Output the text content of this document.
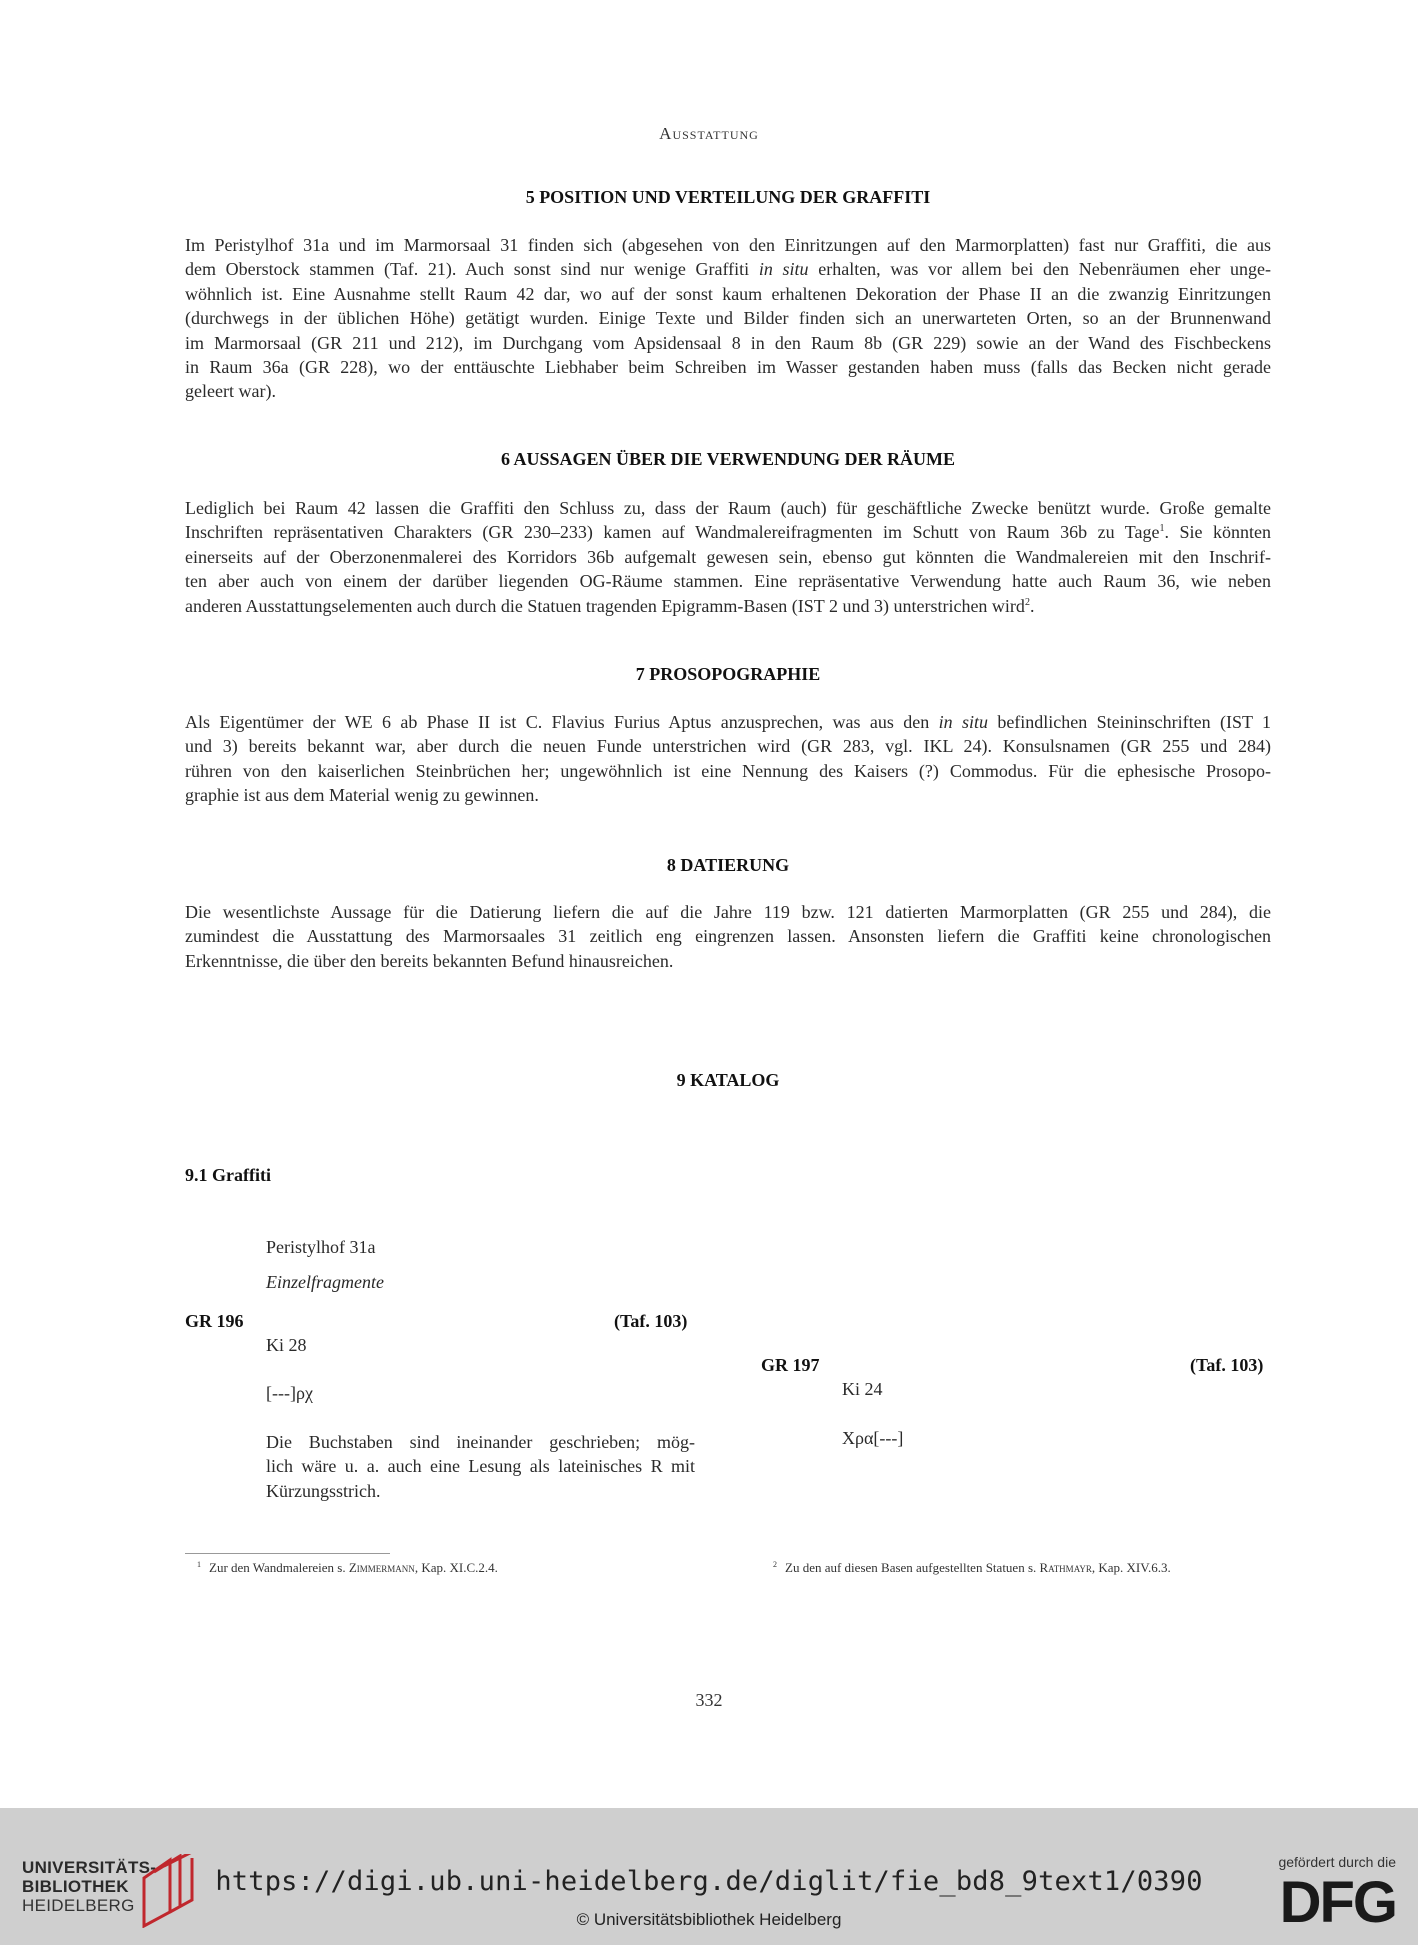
Ausstattung
5 POSITION UND VERTEILUNG DER GRAFFITI
Im Peristylhof 31a und im Marmorsaal 31 finden sich (abgesehen von den Einritzungen auf den Marmorplatten) fast nur Graffiti, die aus
dem Oberstock stammen (Taf. 21). Auch sonst sind nur wenige Graffiti in situ erhalten, was vor allem bei den Nebenräumen eher unge-
wöhnlich ist. Eine Ausnahme stellt Raum 42 dar, wo auf der sonst kaum erhaltenen Dekoration der Phase II an die zwanzig Einritzungen
(durchwegs in der üblichen Höhe) getätigt wurden. Einige Texte und Bilder finden sich an unerwarteten Orten, so an der Brunnenwand
im Marmorsaal (GR 211 und 212), im Durchgang vom Apsidensaal 8 in den Raum 8b (GR 229) sowie an der Wand des Fischbeckens
in Raum 36a (GR 228), wo der enttäuschte Liebhaber beim Schreiben im Wasser gestanden haben muss (falls das Becken nicht gerade
geleert war).
6 AUSSAGEN ÜBER DIE VERWENDUNG DER RÄUME
Lediglich bei Raum 42 lassen die Graffiti den Schluss zu, dass der Raum (auch) für geschäftliche Zwecke benützt wurde. Große gemalte
Inschriften repräsentativen Charakters (GR 230–233) kamen auf Wandmalereifragmenten im Schutt von Raum 36b zu Tage$^1$. Sie könnten
einerseits auf der Oberzonenmalerei des Korridors 36b aufgemalt gewesen sein, ebenso gut könnten die Wandmalereien mit den Inschrif-
ten aber auch von einem der darüber liegenden OG-Räume stammen. Eine repräsentative Verwendung hatte auch Raum 36, wie neben
anderen Ausstattungselementen auch durch die Statuen tragenden Epigramm-Basen (IST 2 und 3) unterstrichen wird$^2$.
7 PROSOPOGRAPHIE
Als Eigentümer der WE 6 ab Phase II ist C. Flavius Furius Aptus anzusprechen, was aus den in situ befindlichen Steininschriften (IST 1
und 3) bereits bekannt war, aber durch die neuen Funde unterstrichen wird (GR 283, vgl. IKL 24). Konsulsnamen (GR 255 und 284)
rühren von den kaiserlichen Steinbrüchen her; ungewöhnlich ist eine Nennung des Kaisers (?) Commodus. Für die ephesische Prosopo-
graphie ist aus dem Material wenig zu gewinnen.
8 DATIERUNG
Die wesentlichste Aussage für die Datierung liefern die auf die Jahre 119 bzw. 121 datierten Marmorplatten (GR 255 und 284), die
zumindest die Ausstattung des Marmorsaales 31 zeitlich eng eingrenzen lassen. Ansonsten liefern die Graffiti keine chronologischen
Erkenntnisse, die über den bereits bekannten Befund hinausreichen.
9 KATALOG
9.1 Graffiti
Peristylhof 31a
Einzelfragmente
GR 196	(Taf. 103)
Ki 28
[---]ρχ
Die Buchstaben sind ineinander geschrieben; mög-
lich wäre u. a. auch eine Lesung als lateinisches R mit
Kürzungsstrich.
GR 197	(Taf. 103)
Ki 24
Χρα[---]
$^1$ Zur den Wandmalereien s. Zimmermann, Kap. XI.C.2.4.	$^2$ Zu den auf diesen Basen aufgestellten Statuen s. Rathmayr, Kap. XIV.6.3.
332
UNIVERSITÄTS-
BIBLIOTHEK
HEIDELBERG
https://digi.ub.uni-heidelberg.de/diglit/fie_bd8_9text1/0390
© Universitätsbibliothek Heidelberg
gefördert durch die
DFG
